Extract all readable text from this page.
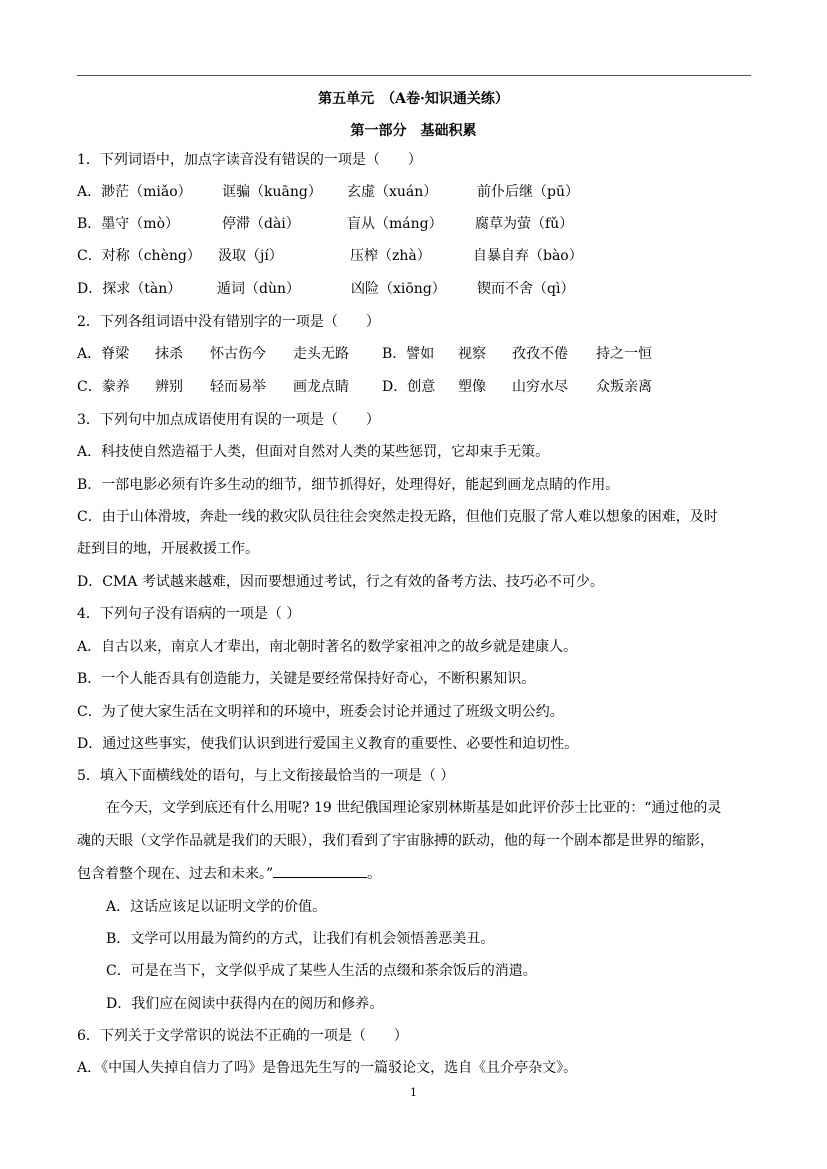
第五单元　（A卷·知识通关练）
第一部分　基础积累
1．下列词语中，加点字读音没有错误的一项是（　　）
A．渺茫（miǎo） 诓骗（kuāng） 玄虚（xuán）	前仆后继（pū）
B．墨守（mò）	停滞（dài）	盲从（máng） 腐草为萤（fǔ）
C．对称（chèng） 汲取（jí）	压榨（zhà）	自暴自弃（bào）
D．探求（tàn）	遁词（dùn）	凶险（xiōng） 锲而不舍（qì）
2．下列各组词语中没有错别字的一项是（　　）
A．脊梁 抹杀 怀古伤今 走头无路 B．譬如 视察 孜孜不倦 持之一恒
C．豢养 辨别 轻而易举 画龙点睛 D．创意 塑像 山穷水尽 众叛亲离
3．下列句中加点成语使用有误的一项是（　　）
A．科技使自然造福于人类，但面对自然对人类的某些惩罚，它却束手无策。
B．一部电影必须有许多生动的细节，细节抓得好，处理得好，能起到画龙点睛的作用。
C．由于山体滑坡，奔赴一线的救灾队员往往会突然走投无路，但他们克服了常人难以想象的困难，及时
赶到目的地，开展救援工作。
D．CMA 考试越来越难，因而要想通过考试，行之有效的备考方法、技巧必不可少。
4．下列句子没有语病的一项是（ ）
A．自古以来，南京人才辈出，南北朝时著名的数学家祖冲之的故乡就是建康人。
B．一个人能否具有创造能力，关键是要经常保持好奇心，不断积累知识。
C．为了使大家生活在文明祥和的环境中，班委会讨论并通过了班级文明公约。
D．通过这些事实，使我们认识到进行爱国主义教育的重要性、必要性和迫切性。
5．填入下面横线处的语句，与上文衔接最恰当的一项是（ ）
在今天，文学到底还有什么用呢? 19 世纪俄国理论家别林斯基是如此评价莎士比亚的：“通过他的灵
魂的天眼（文学作品就是我们的天眼），我们看到了宇宙脉搏的跃动，他的每一个剧本都是世界的缩影，
包含着整个现在、过去和未来。”	。
A．这话应该足以证明文学的价值。
B．文学可以用最为简约的方式，让我们有机会领悟善恶美丑。
C．可是在当下，文学似乎成了某些人生活的点缀和茶余饭后的消遣。
D．我们应在阅读中获得内在的阅历和修养。
6．下列关于文学常识的说法不正确的一项是（　　）
A．《中国人失掉自信力了吗》是鲁迅先生写的一篇驳论文，选自《且介亭杂文》。
1
